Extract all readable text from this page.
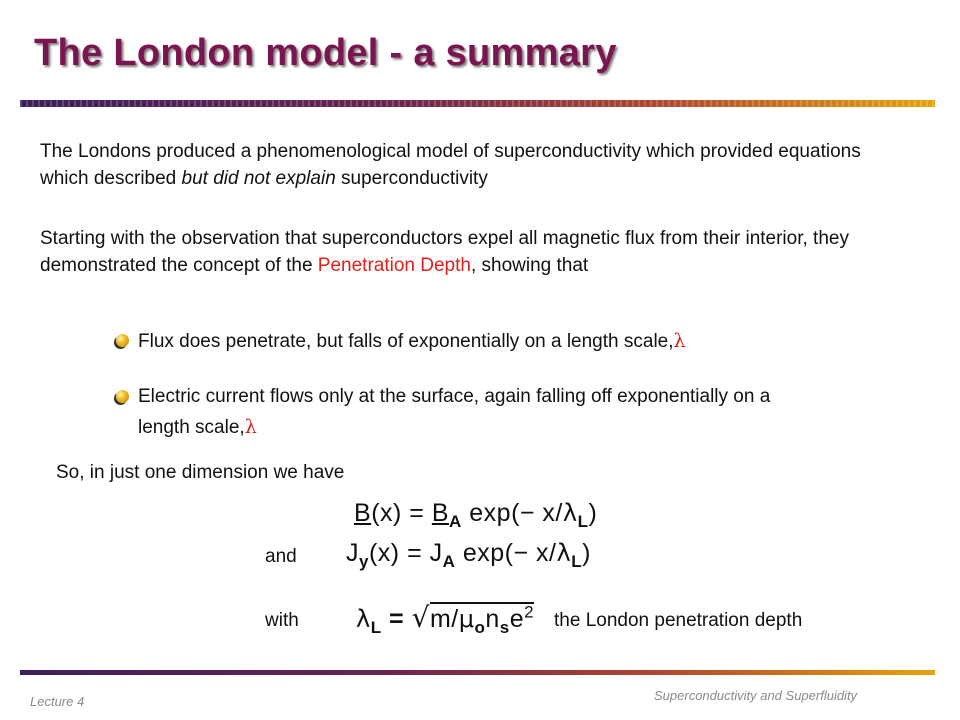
The London model - a summary
The Londons produced a phenomenological model of superconductivity which provided equations which described but did not explain superconductivity
Starting with the observation that superconductors expel all magnetic flux from their interior, they demonstrated the concept of the Penetration Depth, showing that
Flux does penetrate, but falls of exponentially on a length scale,λ
Electric current flows only at the surface, again falling off exponentially on a length scale,λ
So, in just one dimension we have
$B(x) = B_A$ $\exp(- x/\lambda_L)$
and $J_y(x) = J_A$ $\exp(- x/\lambda_L)$
with $\lambda_L = √m/\mu_on_se^2$ the London penetration depth
Lecture 4	Superconductivity and Superfluidity
